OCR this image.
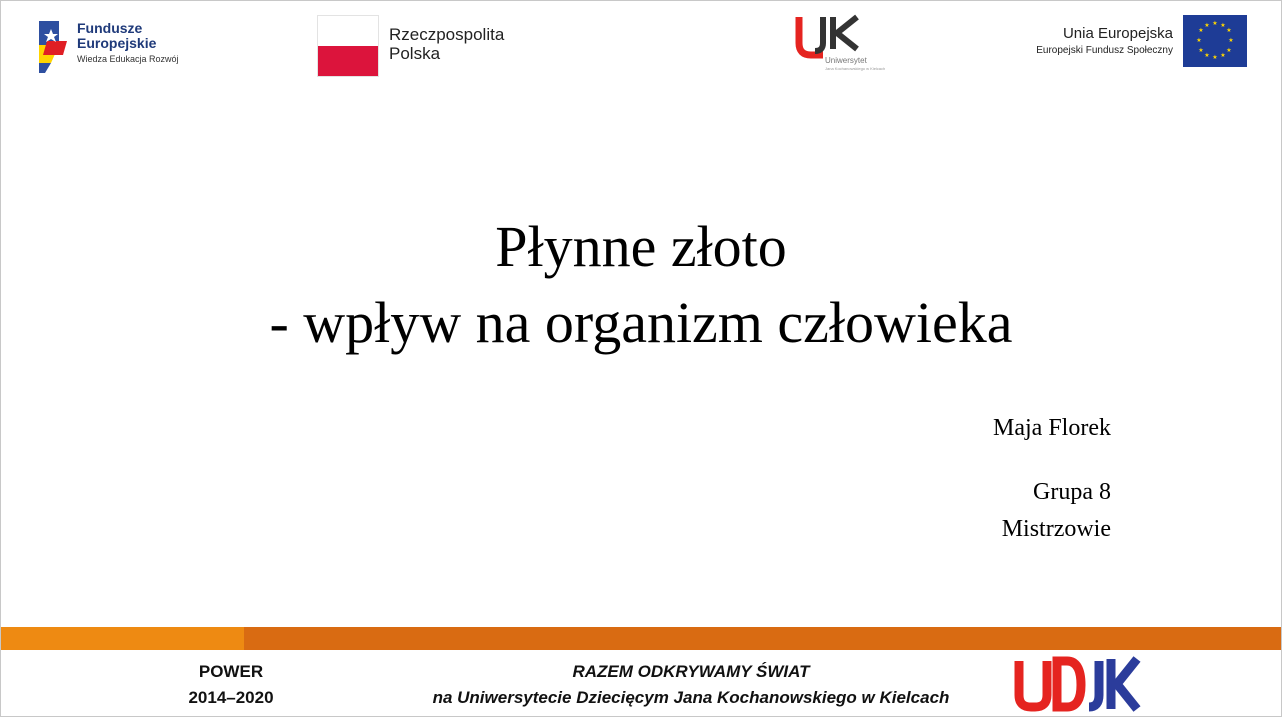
Fundusze
Europejskie
Wiedza Edukacja Rozwój
Rzeczpospolita
Polska	Uniwersytet
Jana Kochanowskiego w Kielcach
Unia Europejska
Europejski Fundusz Społeczny
★ ★
★
★
★
★
★
★
★
★
★
★
Płynne złoto
- wpływ na organizm człowieka
Maja Florek
Grupa 8
Mistrzowie
POWER
2014–2020
RAZEM ODKRYWAMY ŚWIAT
na Uniwersytecie Dziecięcym Jana Kochanowskiego w Kielcach
